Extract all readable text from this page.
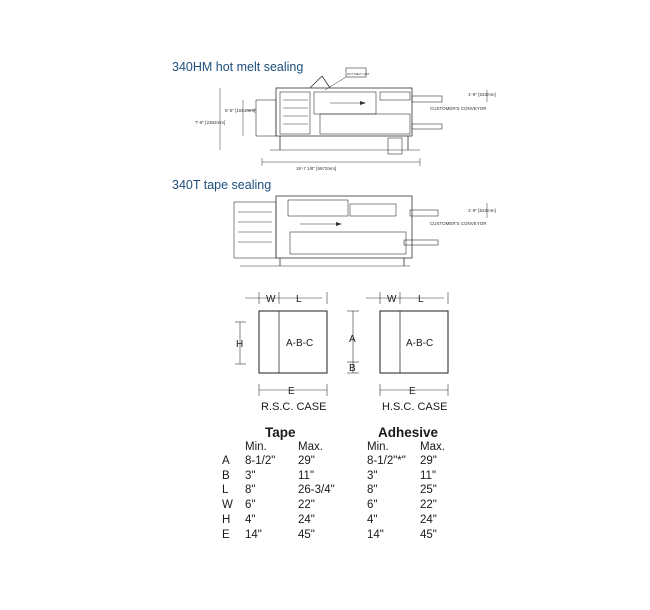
340HM hot melt sealing
340T tape sealing
7'-9" [2362mm]
5'-5" [1651mm]
19'-7 1/8" [5972mm]
1'-9" [533mm]
CUSTOMER'S CONVEYOR
HOT MELT UNIT
1'-9" [533mm]
CUSTOMER'S CONVEYOR
W L
H	A-B-C
E
A
B
W L
A-B-C
E
R.S.C. CASE	H.S.C. CASE
Tape	Adhesive
Min.	Max.	Min.	Max.
A 8-1/2" 29"	8-1/2"*" 29"
B 3"	11"	3"	11"
L 8"	26-3/4"	8"	25"
W 6"	22"	6"	22"
H 4"	24"	4"	24"
E 14"	45"	14"	45"
